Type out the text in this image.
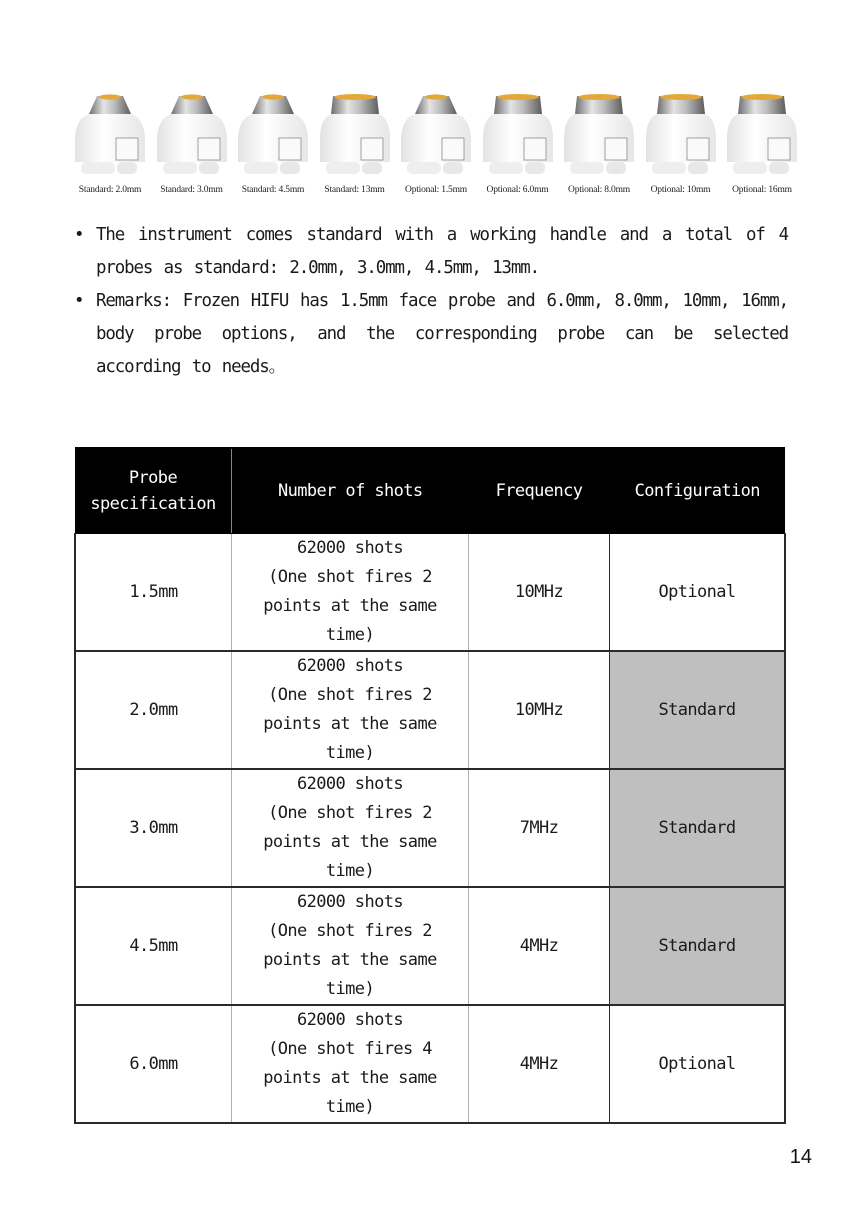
Standard: 2.0mm Standard: 3.0mm Standard: 4.5mm Standard: 13mm Optional: 1.5mm Optional: 6.0mm Optional: 8.0mm Optional: 10mm Optional: 16mm
• The instrument comes standard with a working handle and a total of 4 probes as standard: 2.0mm, 3.0mm, 4.5mm, 13mm.
• Remarks: Frozen HIFU has 1.5mm face probe and 6.0mm, 8.0mm, 10mm, 16mm, body probe options, and the corresponding probe can be selected according to needs。
Probe
specification	Number of shots	Frequency	Configuration
1.5mm	62000 shots
(One shot fires 2
points at the same
time)	10MHz	Optional
2.0mm	62000 shots
(One shot fires 2
points at the same
time)	10MHz	Standard
3.0mm	62000 shots
(One shot fires 2
points at the same
time)	7MHz	Standard
4.5mm	62000 shots
(One shot fires 2
points at the same
time)	4MHz	Standard
6.0mm	62000 shots
(One shot fires 4
points at the same
time)	4MHz	Optional
14
